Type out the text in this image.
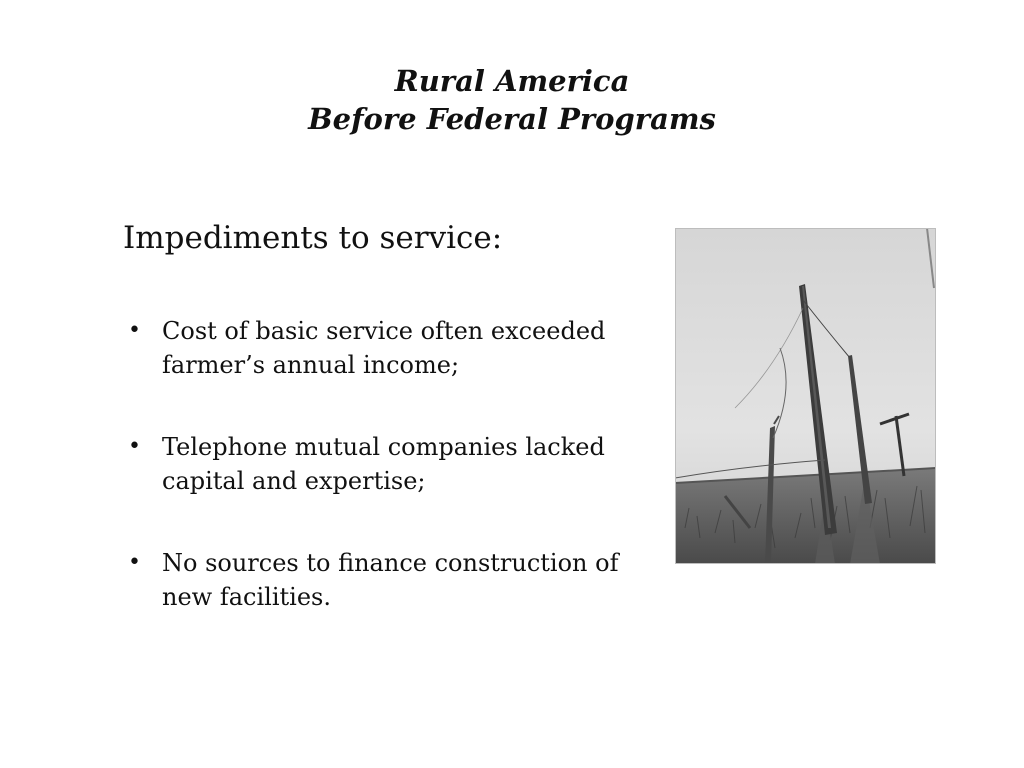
Rural America
Before Federal Programs
Impediments to service:
• Cost of basic service often exceeded
farmer’s annual income;
• Telephone mutual companies lacked
capital and expertise;
• No sources to finance construction of
new facilities.
